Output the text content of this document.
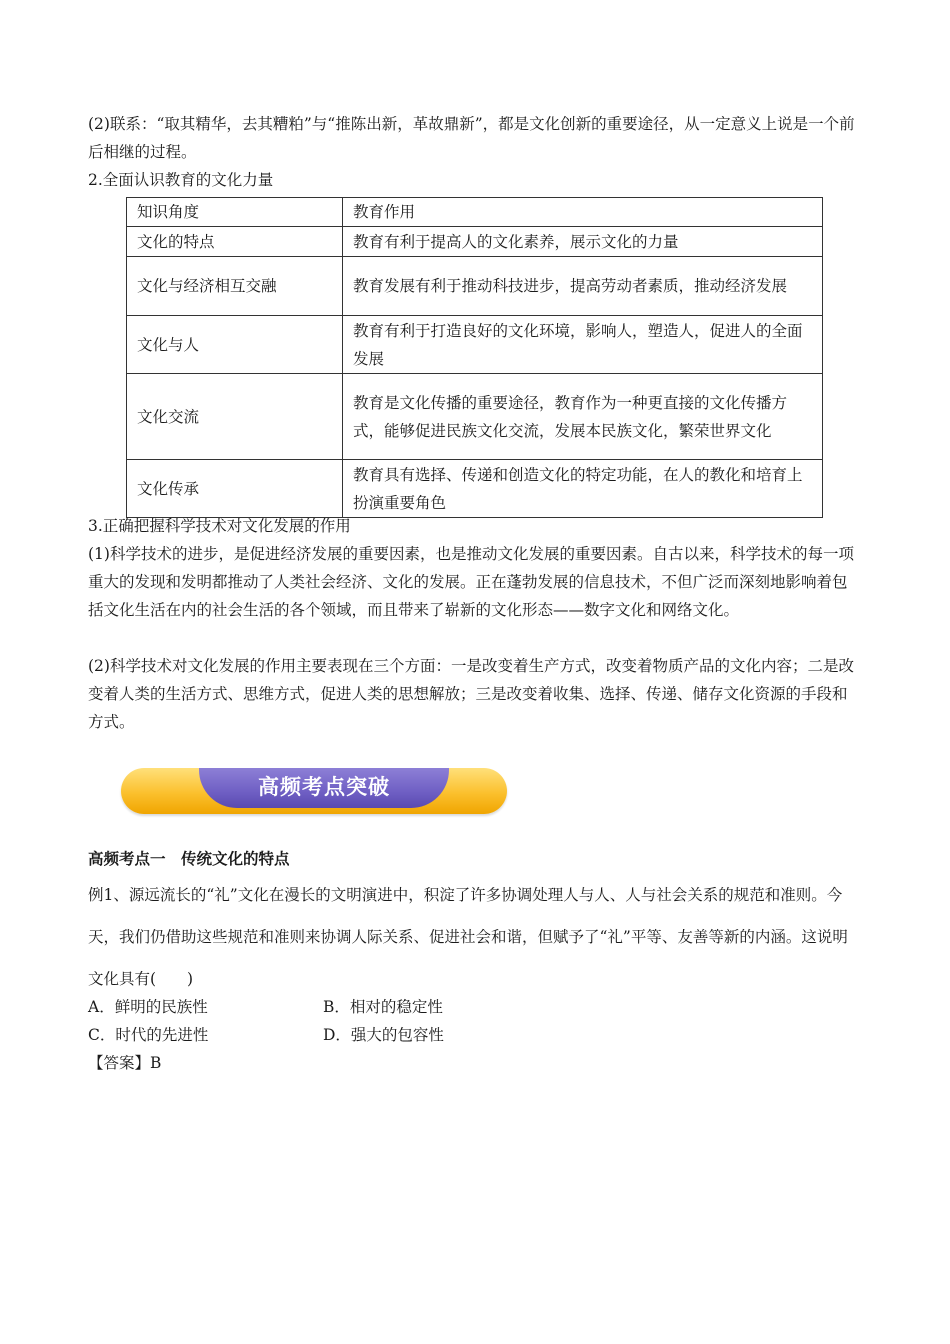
(2)联系：“取其精华，去其糟粕”与“推陈出新，革故鼎新”，都是文化创新的重要途径，从一定意义上说是一个前后相继的过程。

2.全面认识教育的文化力量

知识角度	教育作用
文化的特点	教育有利于提高人的文化素养，展示文化的力量
文化与经济相互交融	教育发展有利于推动科技进步，提高劳动者素质，推动经济发展
文化与人	教育有利于打造良好的文化环境，影响人，塑造人，促进人的全面发展
文化交流	教育是文化传播的重要途径，教育作为一种更直接的文化传播方式，能够促进民族文化交流，发展本民族文化，繁荣世界文化
文化传承	教育具有选择、传递和创造文化的特定功能，在人的教化和培育上扮演重要角色

3.正确把握科学技术对文化发展的作用

(1)科学技术的进步，是促进经济发展的重要因素，也是推动文化发展的重要因素。自古以来，科学技术的每一项重大的发现和发明都推动了人类社会经济、文化的发展。正在蓬勃发展的信息技术，不但广泛而深刻地影响着包括文化生活在内的社会生活的各个领域，而且带来了崭新的文化形态——数字文化和网络文化。

(2)科学技术对文化发展的作用主要表现在三个方面：一是改变着生产方式，改变着物质产品的文化内容；二是改变着人类的生活方式、思维方式，促进人类的思想解放；三是改变着收集、选择、传递、储存文化资源的手段和方式。

高频考点突破

高频考点一　传统文化的特点

例1、源远流长的“礼”文化在漫长的文明演进中，积淀了许多协调处理人与人、人与社会关系的规范和准则。今天，我们仍借助这些规范和准则来协调人际关系、促进社会和谐，但赋予了“礼”平等、友善等新的内涵。这说明文化具有(　　)

A．鲜明的民族性	B．相对的稳定性

C．时代的先进性	D．强大的包容性

【答案】B
